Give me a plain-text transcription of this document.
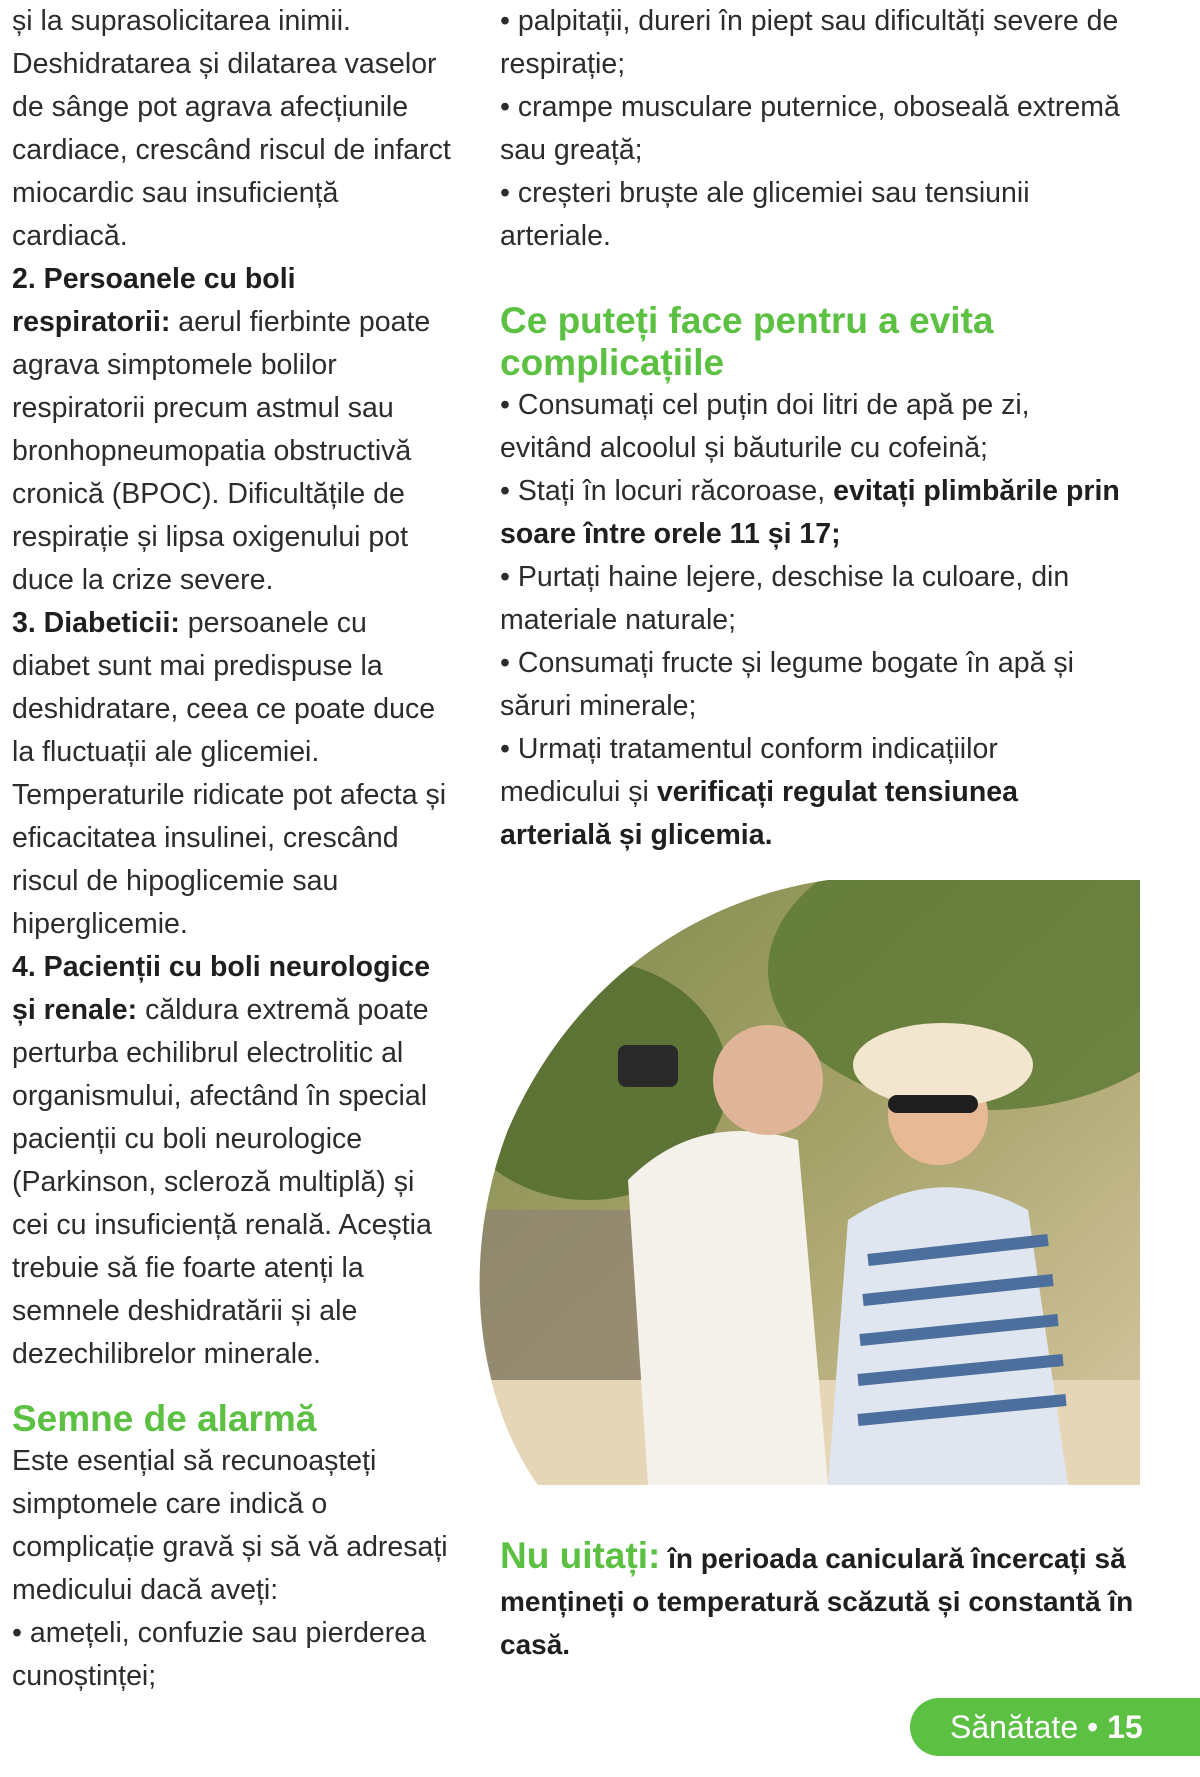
și la suprasolicitarea inimii. Deshidratarea și dilatarea vaselor de sânge pot agrava afecțiunile cardiace, crescând riscul de infarct miocardic sau insuficiență cardiacă.

2. Persoanele cu boli respiratorii: aerul fierbinte poate agrava simptomele bolilor respiratorii precum astmul sau bronhopneumopatia obstructivă cronică (BPOC). Dificultățile de respirație și lipsa oxigenului pot duce la crize severe.

3. Diabeticii: persoanele cu diabet sunt mai predispuse la deshidratare, ceea ce poate duce la fluctuații ale glicemiei. Temperaturile ridicate pot afecta și eficacitatea insulinei, crescând riscul de hipoglicemie sau hiperglicemie.

4. Pacienții cu boli neurologice și renale: căldura extremă poate perturba echilibrul electrolitic al organismului, afectând în special pacienții cu boli neurologice (Parkinson, scleroză multiplă) și cei cu insuficiență renală. Aceștia trebuie să fie foarte atenți la semnele deshidratării și ale dezechilibrelor minerale.

Semne de alarmă

Este esențial să recunoașteți simptomele care indică o complicație gravă și să vă adresați medicului dacă aveți:

• amețeli, confuzie sau pierderea cunoștinței;

• palpitații, dureri în piept sau dificultăți severe de respirație;

• crampe musculare puternice, oboseală extremă sau greață;

• creșteri bruște ale glicemiei sau tensiunii arteriale.

Ce puteți face pentru a evita complicațiile

• Consumați cel puțin doi litri de apă pe zi, evitând alcoolul și băuturile cu cofeină;

• Stați în locuri răcoroase, evitați plimbările prin soare între orele 11 și 17;

• Purtați haine lejere, deschise la culoare, din materiale naturale;

• Consumați fructe și legume bogate în apă și săruri minerale;

• Urmați tratamentul conform indicațiilor medicului și verificați regulat tensiunea arterială și glicemia.

Nu uitați: în perioada caniculară încercați să mențineți o temperatură scăzută și constantă în casă.
Sănătate • 15
